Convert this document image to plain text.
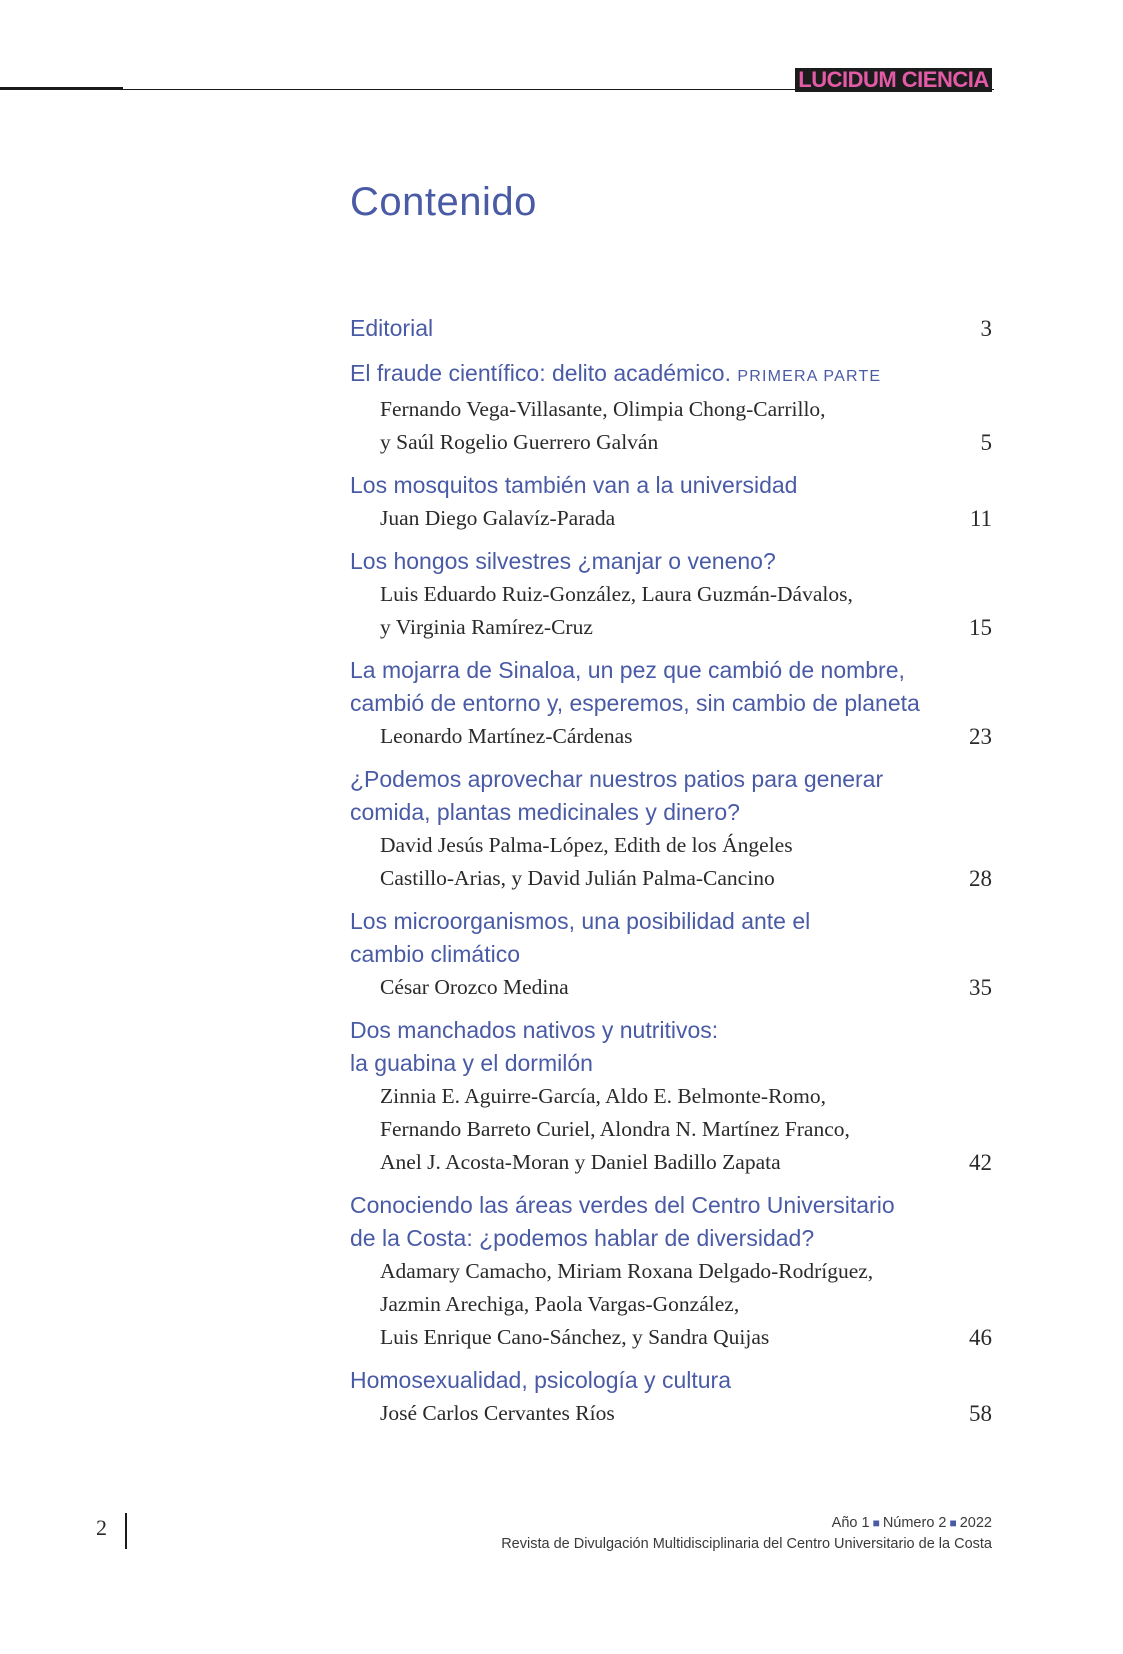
LUCIDUM CIENCIA
Contenido
Editorial	3
El fraude científico: delito académico. PRIMERA PARTE
Fernando Vega-Villasante, Olimpia Chong-Carrillo,
y Saúl Rogelio Guerrero Galván	5
Los mosquitos también van a la universidad
Juan Diego Galavíz-Parada	11
Los hongos silvestres ¿manjar o veneno?
Luis Eduardo Ruiz-González, Laura Guzmán-Dávalos,
y Virginia Ramírez-Cruz	15
La mojarra de Sinaloa, un pez que cambió de nombre,
cambió de entorno y, esperemos, sin cambio de planeta
Leonardo Martínez-Cárdenas	23
¿Podemos aprovechar nuestros patios para generar
comida, plantas medicinales y dinero?
David Jesús Palma-López, Edith de los Ángeles
Castillo-Arias, y David Julián Palma-Cancino	28
Los microorganismos, una posibilidad ante el
cambio climático
César Orozco Medina	35
Dos manchados nativos y nutritivos:
la guabina y el dormilón
Zinnia E. Aguirre-García, Aldo E. Belmonte-Romo,
Fernando Barreto Curiel, Alondra N. Martínez Franco,
Anel J. Acosta-Moran y Daniel Badillo Zapata	42
Conociendo las áreas verdes del Centro Universitario
de la Costa: ¿podemos hablar de diversidad?
Adamary Camacho, Miriam Roxana Delgado-Rodríguez,
Jazmin Arechiga, Paola Vargas-González,
Luis Enrique Cano-Sánchez, y Sandra Quijas	46
Homosexualidad, psicología y cultura
José Carlos Cervantes Ríos	58
2	Año 1 ■ Número 2 ■ 2022
Revista de Divulgación Multidisciplinaria del Centro Universitario de la Costa
